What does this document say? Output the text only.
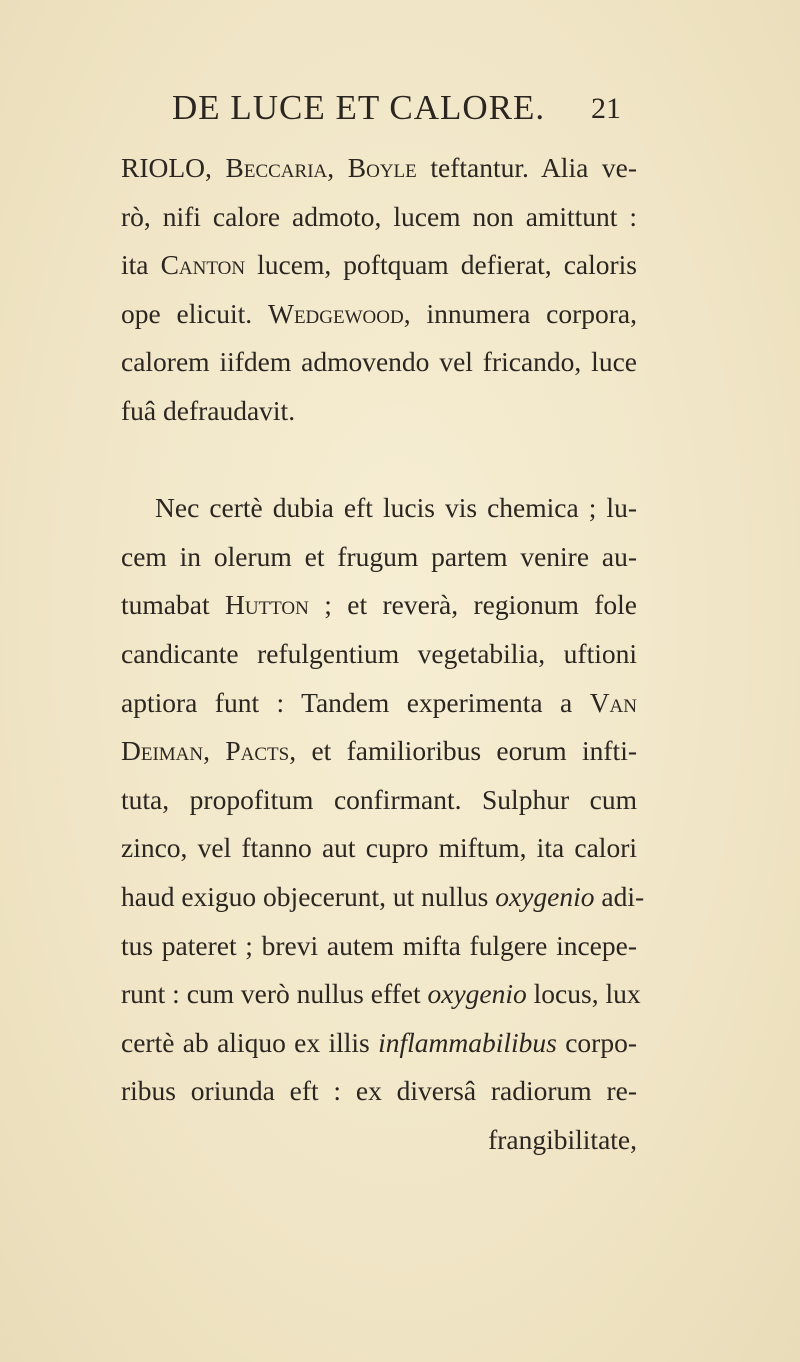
DE LUCE ET CALORE.	21
RIOLO, Beccaria, Boyle teftantur. Alia ve-
rò, nifi calore admoto, lucem non amittunt :
ita Canton lucem, poftquam defierat, caloris
ope elicuit. Wedgewood, innumera corpora,
calorem iifdem admovendo vel fricando, luce
fuâ defraudavit.
Nec certè dubia eft lucis vis chemica ; lu-
cem in olerum et frugum partem venire au-
tumabat Hutton ; et reverà, regionum fole
candicante refulgentium vegetabilia, uftioni
aptiora funt : Tandem experimenta a Van
Deiman, Pacts, et familioribus eorum infti-
tuta, propofitum confirmant. Sulphur cum
zinco, vel ftanno aut cupro miftum, ita calori
haud exiguo objecerunt, ut nullus oxygenio adi-
tus pateret ; brevi autem mifta fulgere incepe-
runt : cum verò nullus effet oxygenio locus, lux
certè ab aliquo ex illis inflammabilibus corpo-
ribus oriunda eft : ex diversâ radiorum re-
frangibilitate,
